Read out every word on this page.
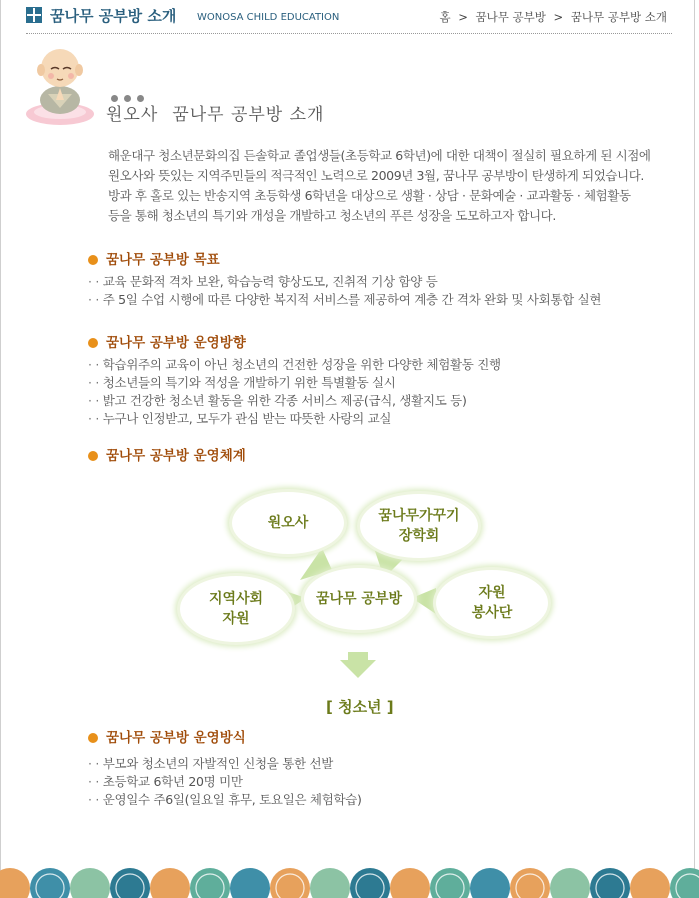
꿈나무 공부방 소개 WONOSA CHILD EDUCATION	홈 > 꿈나무 공부방 > 꿈나무 공부방 소개
원오사 꿈나무 공부방 소개

해운대구 청소년문화의집 든솔학교 졸업생들(초등학교 6학년)에 대한 대책이 절실히 필요하게 된 시점에

원오사와 뜻있는 지역주민들의 적극적인 노력으로 2009년 3월, 꿈나무 공부방이 탄생하게 되었습니다.

방과 후 홀로 있는 반송지역 초등학생 6학년을 대상으로 생활 · 상담 · 문화예술 · 교과활동 · 체험활동

등을 통해 청소년의 특기와 개성을 개발하고 청소년의 푸른 성장을 도모하고자 합니다.

꿈나무 공부방 목표
· · 교육 문화적 격차 보완, 학습능력 향상도모, 진취적 기상 함양 등
· · 주 5일 수업 시행에 따른 다양한 복지적 서비스를 제공하여 계층 간 격차 완화 및 사회통합 실현
꿈나무 공부방 운영방향
· · 학습위주의 교육이 아닌 청소년의 건전한 성장을 위한 다양한 체험활동 진행
· · 청소년들의 특기와 적성을 개발하기 위한 특별활동 실시
· · 밝고 건강한 청소년 활동을 위한 각종 서비스 제공(급식, 생활지도 등)
· · 누구나 인정받고, 모두가 관심 받는 따뜻한 사랑의 교실
꿈나무 공부방 운영체계
원오사	꿈나무가꾸기
장학회
지역사회
자원
꿈나무 공부방	자원
봉사단
[ 청소년 ]
꿈나무 공부방 운영방식
· · 부모와 청소년의 자발적인 신청을 통한 선발
· · 초등학교 6학년 20명 미만
· · 운영일수 주6일(일요일 휴무, 토요일은 체험학습)
